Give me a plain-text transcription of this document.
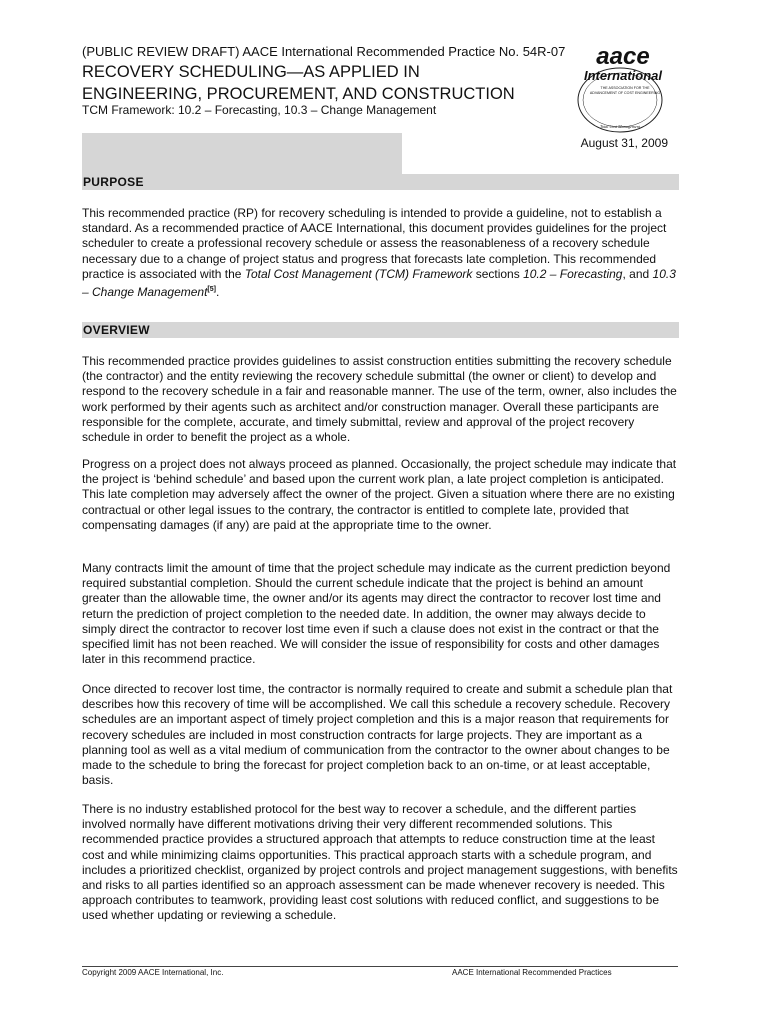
(PUBLIC REVIEW DRAFT) AACE International Recommended Practice No. 54R-07
RECOVERY SCHEDULING—AS APPLIED IN
ENGINEERING, PROCUREMENT, AND CONSTRUCTION
TCM Framework: 10.2 – Forecasting, 10.3 – Change Management
aace
International
THE ASSOCIATION FOR THE
ADVANCEMENT OF COST ENGINEERING
Total Cost Management
August 31, 2009
PURPOSE

This recommended practice (RP) for recovery scheduling is intended to provide a guideline, not to establish a standard. As a recommended practice of AACE International, this document provides guidelines for the project scheduler to create a professional recovery schedule or assess the reasonableness of a recovery schedule necessary due to a change of project status and progress that forecasts late completion. This recommended practice is associated with the Total Cost Management (TCM) Framework sections 10.2 – Forecasting, and 10.3 – Change Management[5].

OVERVIEW

This recommended practice provides guidelines to assist construction entities submitting the recovery schedule (the contractor) and the entity reviewing the recovery schedule submittal (the owner or client) to develop and respond to the recovery schedule in a fair and reasonable manner. The use of the term, owner, also includes the work performed by their agents such as architect and/or construction manager. Overall these participants are responsible for the complete, accurate, and timely submittal, review and approval of the project recovery schedule in order to benefit the project as a whole.

Progress on a project does not always proceed as planned. Occasionally, the project schedule may indicate that the project is ‘behind schedule’ and based upon the current work plan, a late project completion is anticipated. This late completion may adversely affect the owner of the project. Given a situation where there are no existing contractual or other legal issues to the contrary, the contractor is entitled to complete late, provided that compensating damages (if any) are paid at the appropriate time to the owner.

Many contracts limit the amount of time that the project schedule may indicate as the current prediction beyond required substantial completion. Should the current schedule indicate that the project is behind an amount greater than the allowable time, the owner and/or its agents may direct the contractor to recover lost time and return the prediction of project completion to the needed date. In addition, the owner may always decide to simply direct the contractor to recover lost time even if such a clause does not exist in the contract or that the specified limit has not been reached. We will consider the issue of responsibility for costs and other damages later in this recommend practice.

Once directed to recover lost time, the contractor is normally required to create and submit a schedule plan that describes how this recovery of time will be accomplished. We call this schedule a recovery schedule. Recovery schedules are an important aspect of timely project completion and this is a major reason that requirements for recovery schedules are included in most construction contracts for large projects. They are important as a planning tool as well as a vital medium of communication from the contractor to the owner about changes to be made to the schedule to bring the forecast for project completion back to an on-time, or at least acceptable, basis.

There is no industry established protocol for the best way to recover a schedule, and the different parties involved normally have different motivations driving their very different recommended solutions. This recommended practice provides a structured approach that attempts to reduce construction time at the least cost and while minimizing claims opportunities. This practical approach starts with a schedule program, and includes a prioritized checklist, organized by project controls and project management suggestions, with benefits and risks to all parties identified so an approach assessment can be made whenever recovery is needed. This approach contributes to teamwork, providing least cost solutions with reduced conflict, and suggestions to be used whether updating or reviewing a schedule.

Copyright 2009 AACE International, Inc.	AACE International Recommended Practices
